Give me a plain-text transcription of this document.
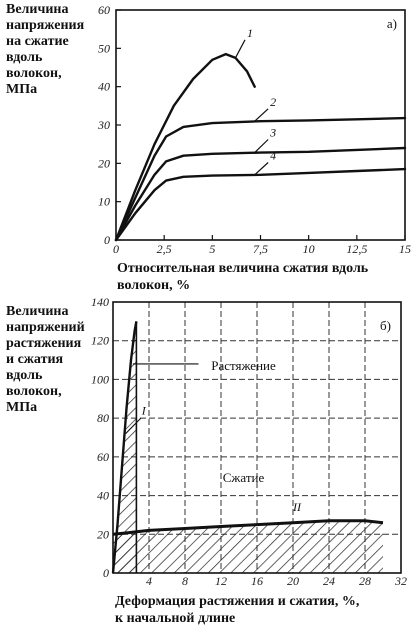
Величина
напряжения
на сжатие
вдоль
волокон,
МПа
Относительная величина сжатия вдоль
волокон, %
Величина
напряжений
растяжения
и сжатия
вдоль
волокон,
МПа
Деформация растяжения и сжатия, %,
к начальной длине
0
10
20
30
40
50
60
0	2,5	5	7,5	10	12,5	15
а)
1
2
3
4
0
20
40
60
80
100
120
140
4	8 12 16 20 24 28 32
б)
Растяжение
Сжатие
I
II
